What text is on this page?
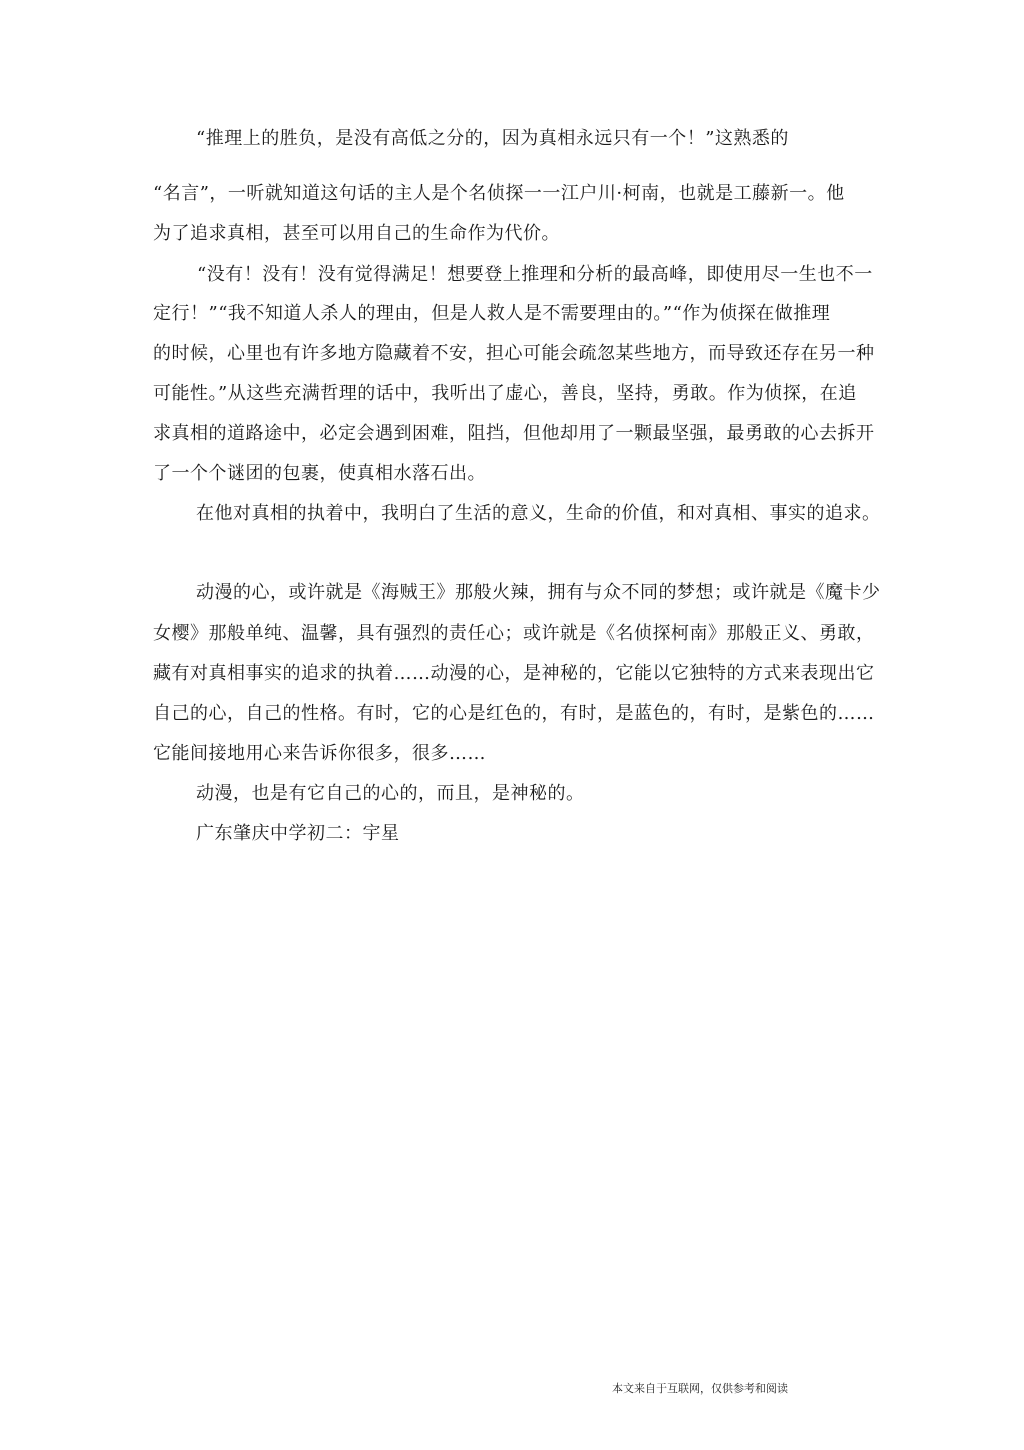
“推理上的胜负，是没有高低之分的，因为真相永远只有一个！”这熟悉的
“名言”，一听就知道这句话的主人是个名侦探一一江户川·柯南，也就是工藤新一。他
为了追求真相，甚至可以用自己的生命作为代价。
“没有！没有！没有觉得满足！想要登上推理和分析的最高峰，即使用尽一生也不一
定行！”“我不知道人杀人的理由，但是人救人是不需要理由的。”“作为侦探在做推理
的时候，心里也有许多地方隐藏着不安，担心可能会疏忽某些地方，而导致还存在另一种
可能性。”从这些充满哲理的话中，我听出了虚心，善良，坚持，勇敢。作为侦探，在追
求真相的道路途中，必定会遇到困难，阻挡，但他却用了一颗最坚强，最勇敢的心去拆开
了一个个谜团的包裹，使真相水落石出。
在他对真相的执着中，我明白了生活的意义，生命的价值，和对真相、事实的追求。
动漫的心，或许就是《海贼王》那般火辣，拥有与众不同的梦想；或许就是《魔卡少
女樱》那般单纯、温馨，具有强烈的责任心；或许就是《名侦探柯南》那般正义、勇敢，
藏有对真相事实的追求的执着……动漫的心，是神秘的，它能以它独特的方式来表现出它
自己的心，自己的性格。有时，它的心是红色的，有时，是蓝色的，有时，是紫色的……
它能间接地用心来告诉你很多，很多……
动漫，也是有它自己的心的，而且，是神秘的。
广东肇庆中学初二：宇星
本文来自于互联网，仅供参考和阅读
